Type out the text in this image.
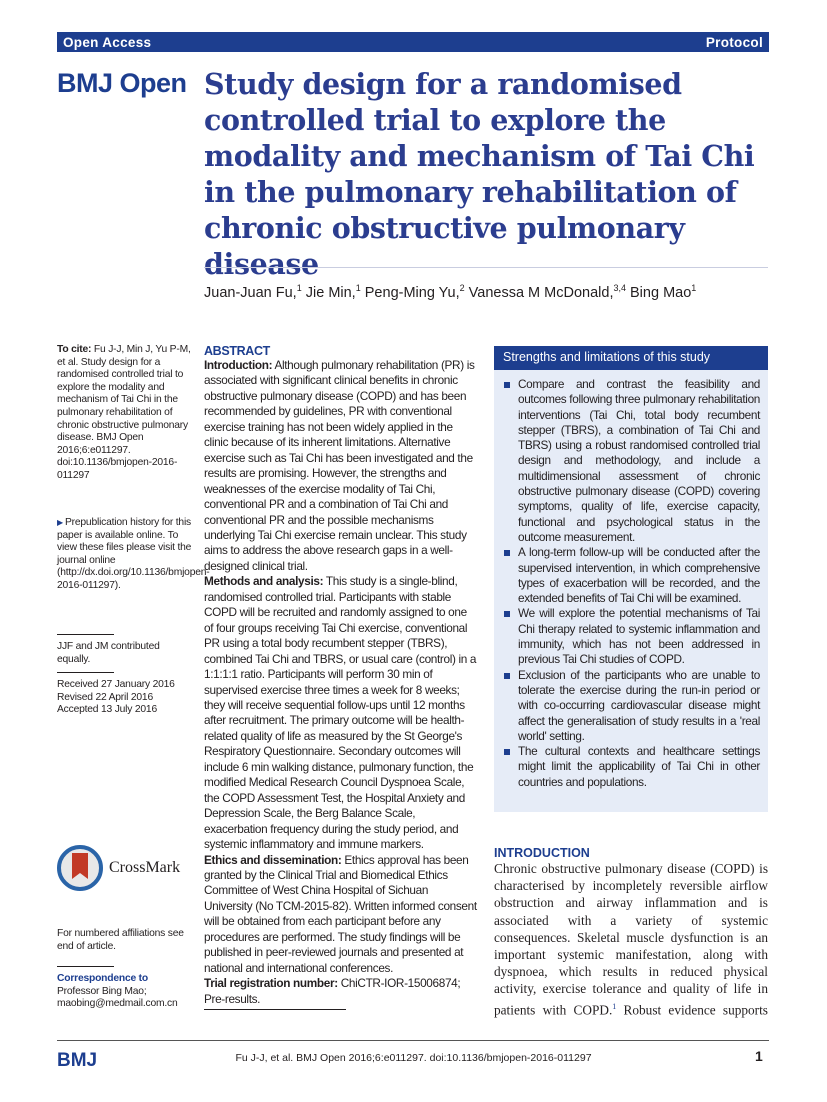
Open Access	Protocol
BMJ Open Study design for a randomised controlled trial to explore the modality and mechanism of Tai Chi in the pulmonary rehabilitation of chronic obstructive pulmonary disease
Juan-Juan Fu,$^1$ Jie Min,$^1$ Peng-Ming Yu,$^2$ Vanessa M McDonald,$^{3,4}$ Bing Mao$^1$
To cite: Fu J-J, Min J, Yu P-M, et al. Study design for a randomised controlled trial to explore the modality and mechanism of Tai Chi in the pulmonary rehabilitation of chronic obstructive pulmonary disease. BMJ Open 2016;6:e011297. doi:10.1136/bmjopen-2016-011297
▶ Prepublication history for this paper is available online. To view these files please visit the journal online (http://dx.doi.org/10.1136/bmjopen-2016-011297).
JJF and JM contributed equally.
Received 27 January 2016
Revised 22 April 2016
Accepted 13 July 2016
CrossMark
For numbered affiliations see end of article.
Correspondence to
Professor Bing Mao;
maobing@medmail.com.cn
ABSTRACT
Introduction: Although pulmonary rehabilitation (PR) is associated with significant clinical benefits in chronic obstructive pulmonary disease (COPD) and has been recommended by guidelines, PR with conventional exercise training has not been widely applied in the clinic because of its inherent limitations. Alternative exercise such as Tai Chi has been investigated and the results are promising. However, the strengths and weaknesses of the exercise modality of Tai Chi, conventional PR and a combination of Tai Chi and conventional PR and the possible mechanisms underlying Tai Chi exercise remain unclear. This study aims to address the above research gaps in a well-designed clinical trial.
Methods and analysis: This study is a single-blind, randomised controlled trial. Participants with stable COPD will be recruited and randomly assigned to one of four groups receiving Tai Chi exercise, conventional PR using a total body recumbent stepper (TBRS), combined Tai Chi and TBRS, or usual care (control) in a 1:1:1:1 ratio. Participants will perform 30 min of supervised exercise three times a week for 8 weeks; they will receive sequential follow-ups until 12 months after recruitment. The primary outcome will be health-related quality of life as measured by the St George's Respiratory Questionnaire. Secondary outcomes will include 6 min walking distance, pulmonary function, the modified Medical Research Council Dyspnoea Scale, the COPD Assessment Test, the Hospital Anxiety and Depression Scale, the Berg Balance Scale, exacerbation frequency during the study period, and systemic inflammatory and immune markers.
Ethics and dissemination: Ethics approval has been granted by the Clinical Trial and Biomedical Ethics Committee of West China Hospital of Sichuan University (No TCM-2015-82). Written informed consent will be obtained from each participant before any procedures are performed. The study findings will be published in peer-reviewed journals and presented at national and international conferences.
Trial registration number: ChiCTR-IOR-15006874; Pre-results.
Strengths and limitations of this study
Compare and contrast the feasibility and outcomes following three pulmonary rehabilitation interventions (Tai Chi, total body recumbent stepper (TBRS), a combination of Tai Chi and TBRS) using a robust randomised controlled trial design and methodology, and include a multidimensional assessment of chronic obstructive pulmonary disease (COPD) covering symptoms, quality of life, exercise capacity, functional and psychological status in the outcome measurement.
A long-term follow-up will be conducted after the supervised intervention, in which comprehensive types of exacerbation will be recorded, and the extended benefits of Tai Chi will be examined.
We will explore the potential mechanisms of Tai Chi therapy related to systemic inflammation and immunity, which has not been addressed in previous Tai Chi studies of COPD.
Exclusion of the participants who are unable to tolerate the exercise during the run-in period or with co-occurring cardiovascular disease might affect the generalisation of study results in a 'real world' setting.
The cultural contexts and healthcare settings might limit the applicability of Tai Chi in other countries and populations.
INTRODUCTION

Chronic obstructive pulmonary disease (COPD) is characterised by incompletely reversible airflow obstruction and airway inflammation and is associated with a variety of systemic consequences. Skeletal muscle dysfunction is an important systemic manifestation, along with dyspnoea, which results in reduced physical activity, exercise tolerance and quality of life in patients with COPD.$^1$ Robust evidence supports

BMJ	Fu J-J, et al. BMJ Open 2016;6:e011297. doi:10.1136/bmjopen-2016-011297	1
